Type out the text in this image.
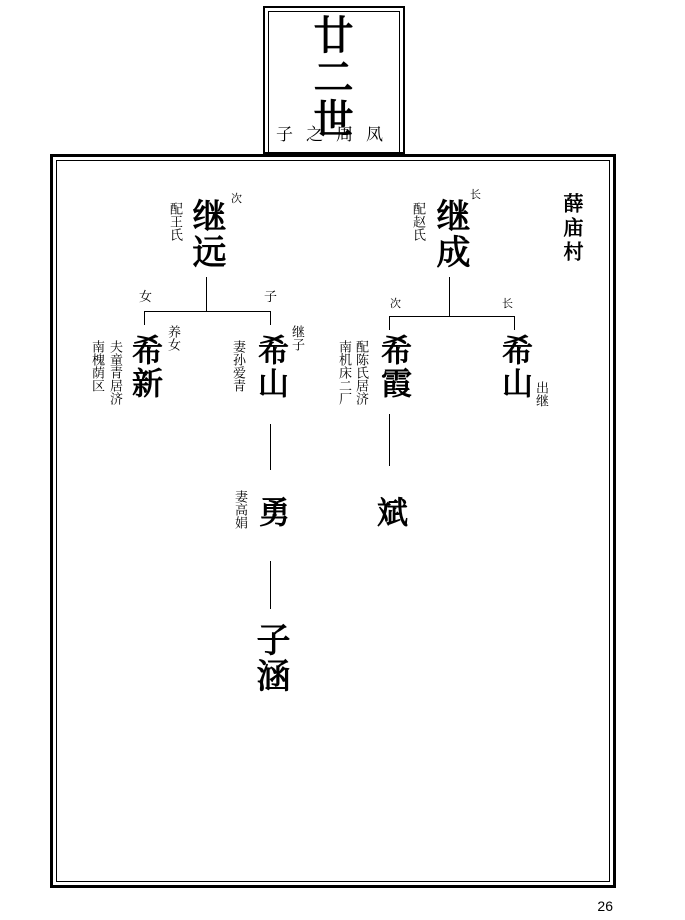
廿二世
子之周凤
薛庙村
长
继成
配赵氏
次	长
希霞
配陈氏居济
南机床二厂
斌
希山 出继
次
继远
配王氏
女	子
希新 养女
夫童青居济
南槐荫区	希山 继子
妻孙爱青
勇
妻高娟
子涵
26
